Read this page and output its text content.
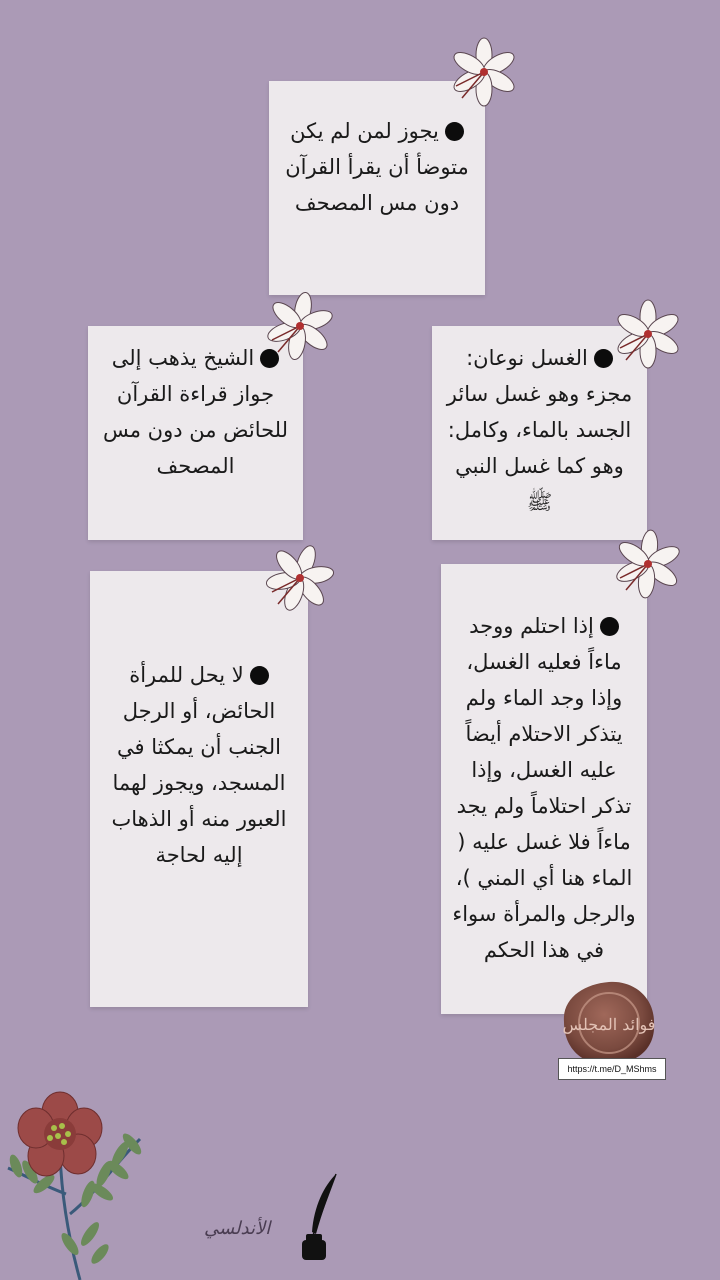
يجوز لمن لم يكن متوضأ أن يقرأ القرآن دون مس المصحف
الشيخ يذهب إلى جواز قراءة القرآن للحائض من دون مس المصحف
الغسل نوعان: مجزء وهو غسل سائر الجسد بالماء، وكامل: وهو كما غسل النبي ﷺ
لا يحل للمرأة الحائض، أو الرجل الجنب أن يمكثا في المسجد، ويجوز لهما العبور منه أو الذهاب إليه لحاجة
إذا احتلم ووجد ماءاً فعليه الغسل، وإذا وجد الماء ولم يتذكر الاحتلام أيضاً عليه الغسل، وإذا تذكر احتلاماً ولم يجد ماءاً فلا غسل عليه ( الماء هنا أي المني )، والرجل والمرأة سواء في هذا الحكم
فوائد المجلس
https://t.me/D_MShms
الأندلسي
